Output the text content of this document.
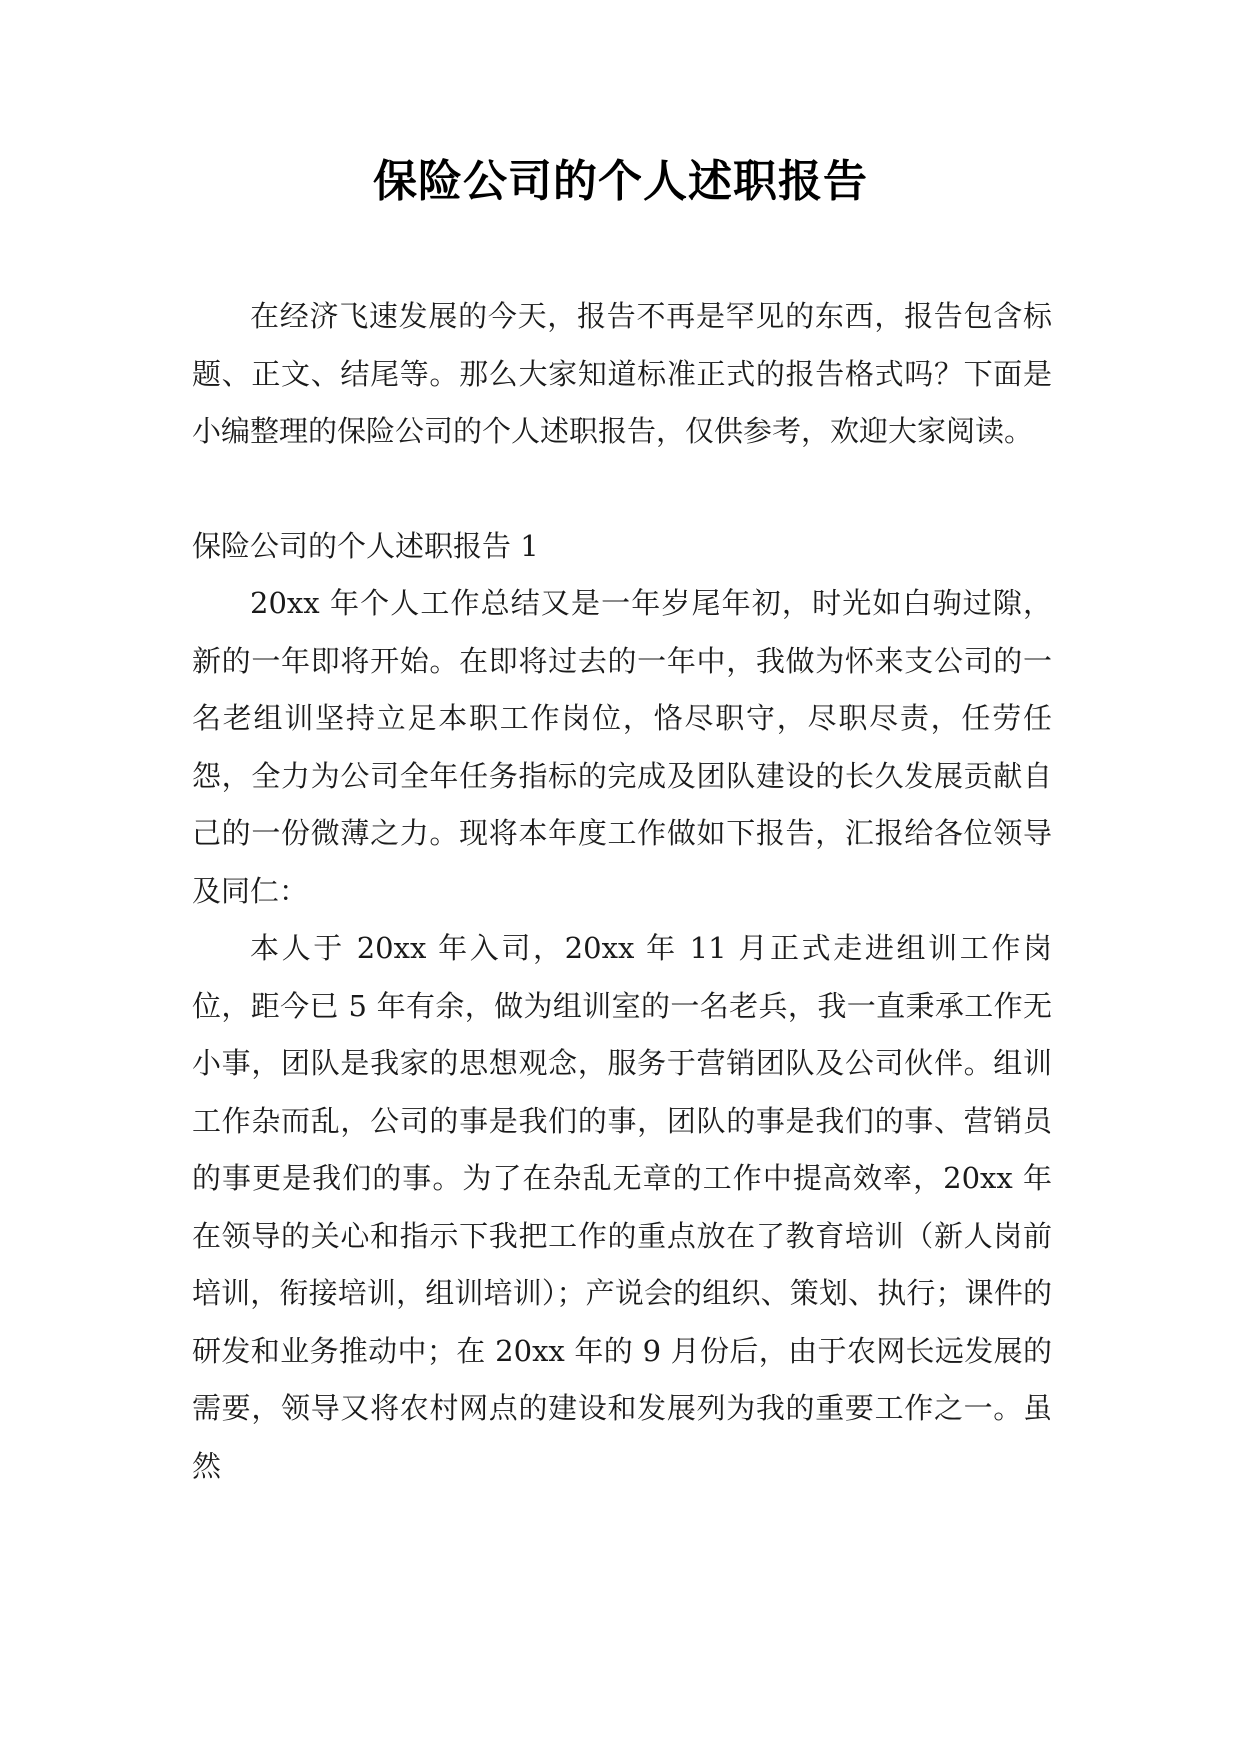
保险公司的个人述职报告

在经济飞速发展的今天，报告不再是罕见的东西，报告包含标题、正文、结尾等。那么大家知道标准正式的报告格式吗？下面是小编整理的保险公司的个人述职报告，仅供参考，欢迎大家阅读。

保险公司的个人述职报告 1

20xx 年个人工作总结又是一年岁尾年初，时光如白驹过隙，新的一年即将开始。在即将过去的一年中，我做为怀来支公司的一名老组训坚持立足本职工作岗位，恪尽职守，尽职尽责，任劳任怨，全力为公司全年任务指标的完成及团队建设的长久发展贡献自己的一份微薄之力。现将本年度工作做如下报告，汇报给各位领导及同仁：

本人于 20xx 年入司，20xx 年 11 月正式走进组训工作岗位，距今已 5 年有余，做为组训室的一名老兵，我一直秉承工作无小事，团队是我家的思想观念，服务于营销团队及公司伙伴。组训工作杂而乱，公司的事是我们的事，团队的事是我们的事、营销员的事更是我们的事。为了在杂乱无章的工作中提高效率，20xx 年在领导的关心和指示下我把工作的重点放在了教育培训（新人岗前培训，衔接培训，组训培训）；产说会的组织、策划、执行；课件的研发和业务推动中；在 20xx 年的 9 月份后，由于农网长远发展的需要，领导又将农村网点的建设和发展列为我的重要工作之一。虽然
